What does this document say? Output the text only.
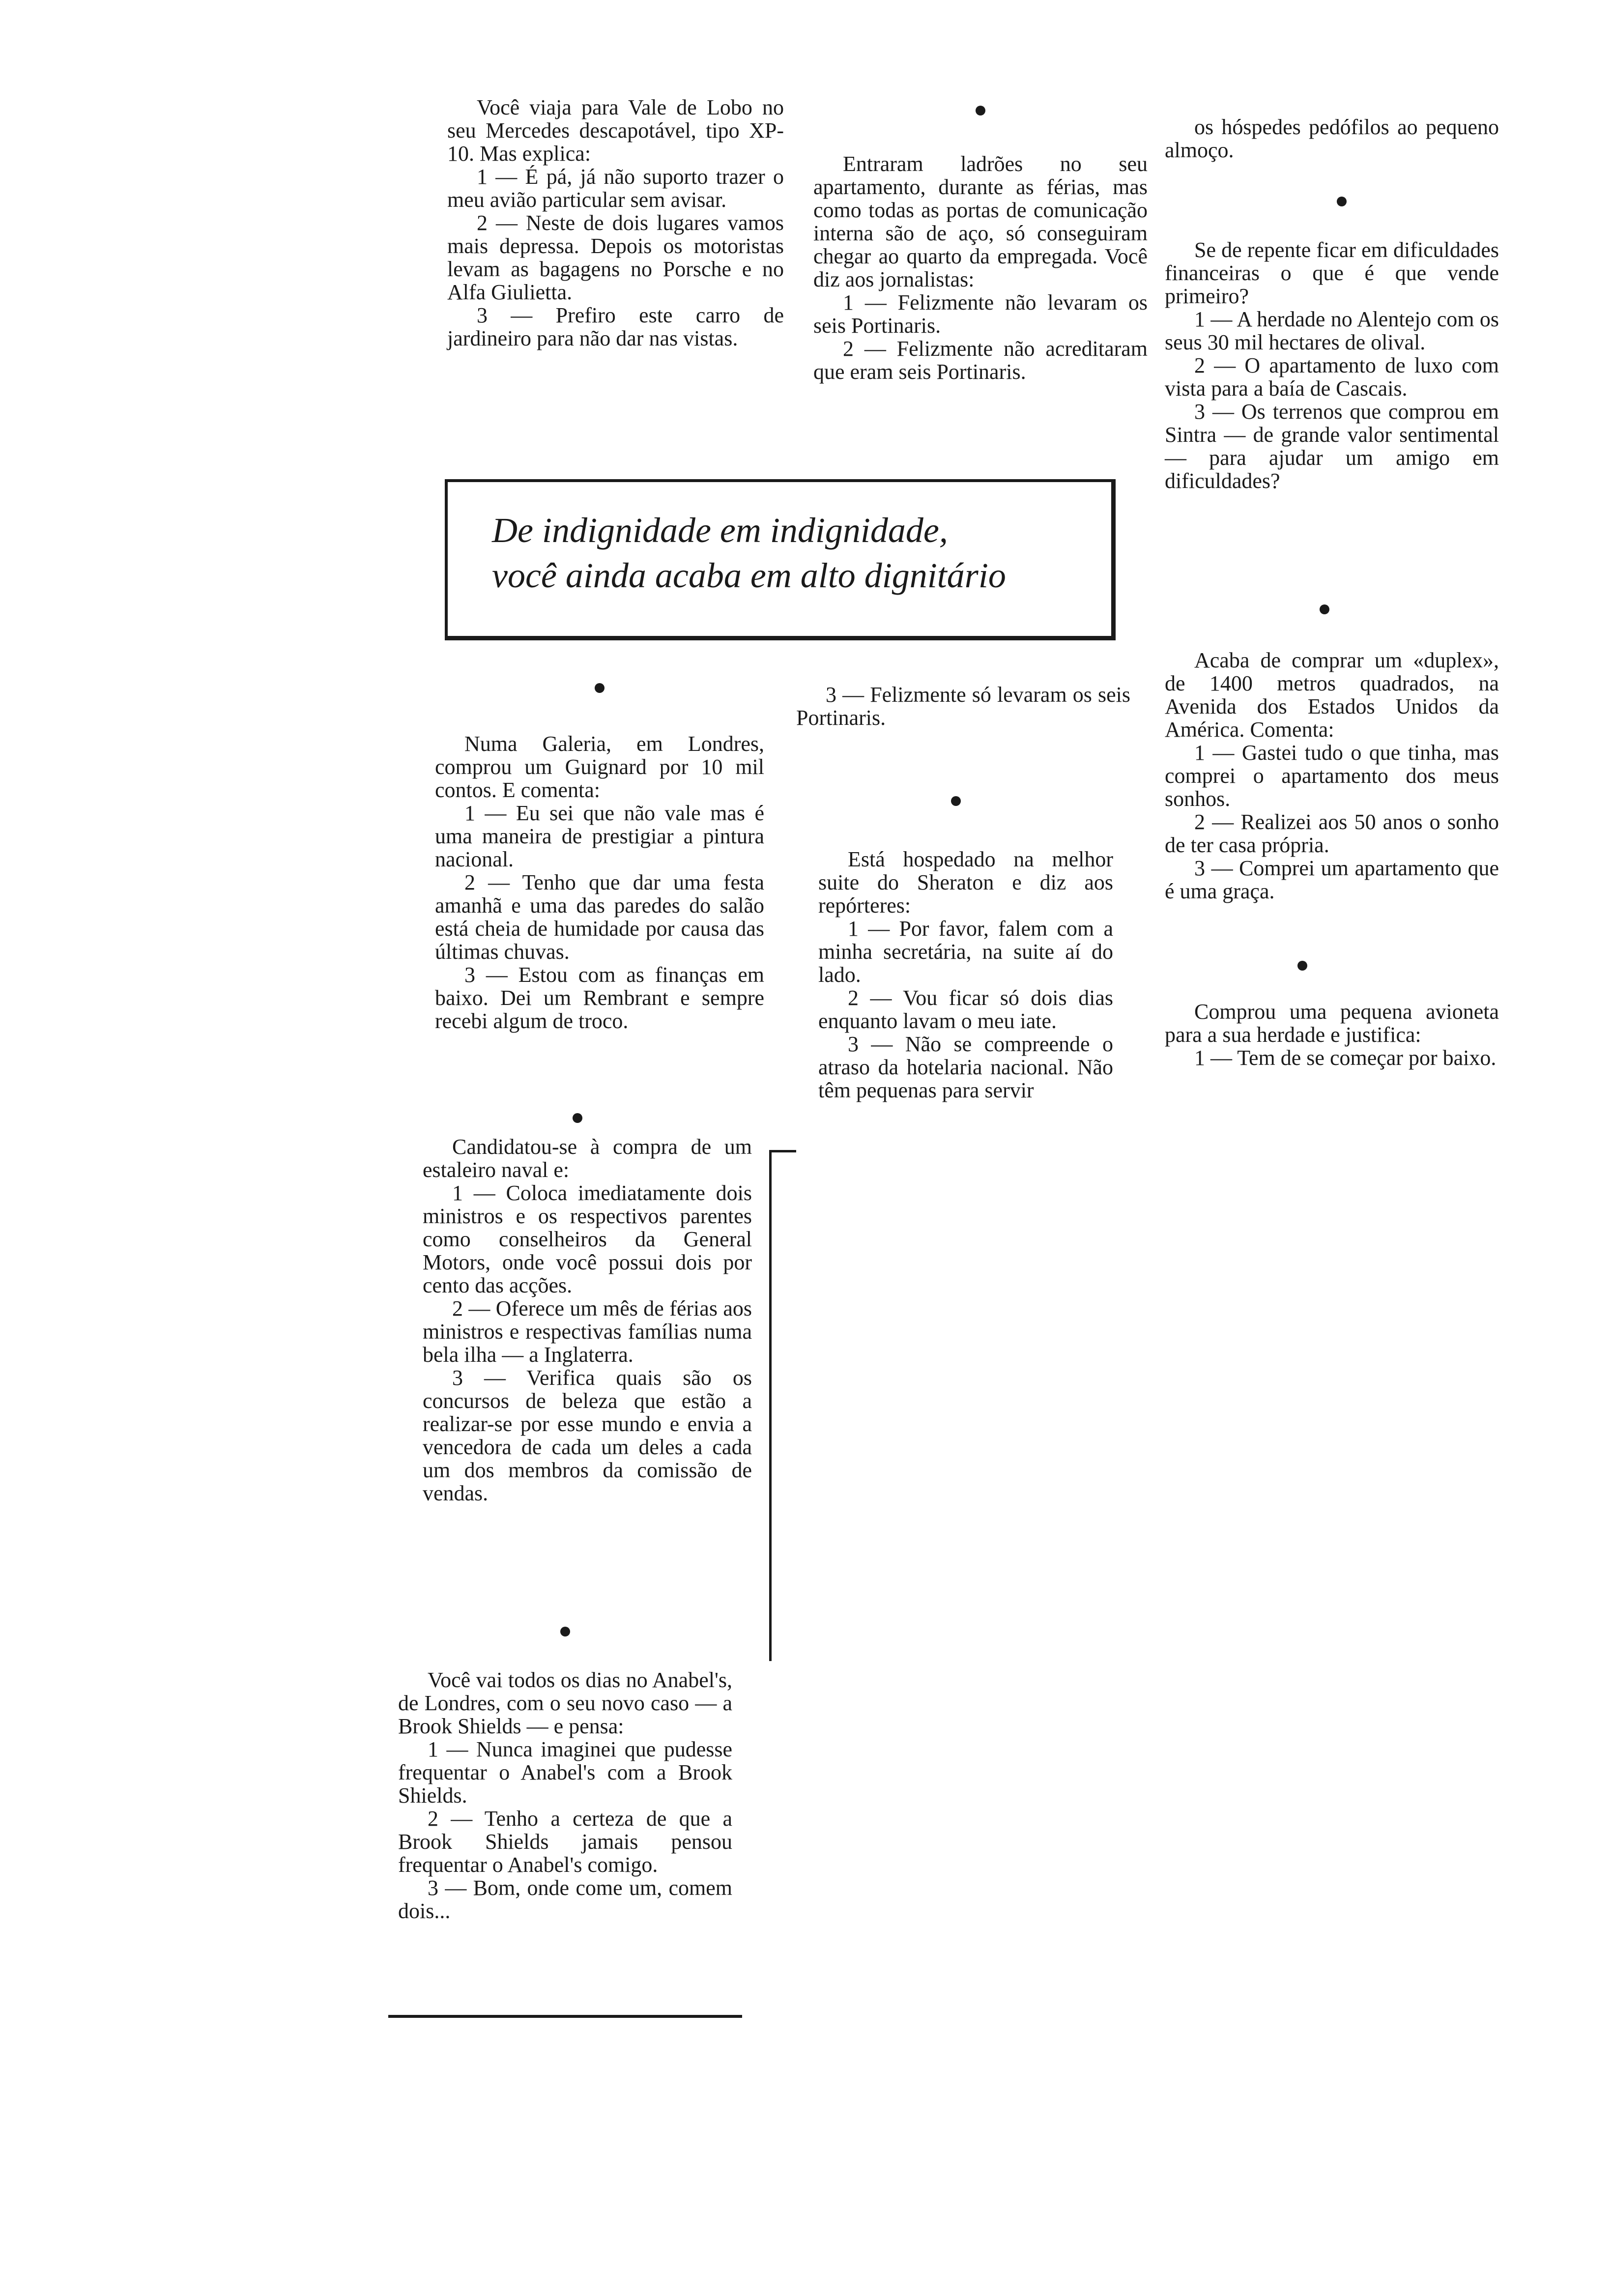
Você viaja para Vale de Lobo no seu Mercedes descapotável, tipo XP-10. Mas explica:

1 — É pá, já não suporto trazer o meu avião particular sem avisar.

2 — Neste de dois lugares vamos mais depressa. Depois os motoristas levam as bagagens no Porsche e no Alfa Giulietta.

3 — Prefiro este carro de jardineiro para não dar nas vistas.

Entraram ladrões no seu apartamento, durante as férias, mas como todas as portas de comunicação interna são de aço, só conseguiram chegar ao quarto da empregada. Você diz aos jornalistas:

1 — Felizmente não levaram os seis Portinaris.

2 — Felizmente não acreditaram que eram seis Portinaris.

os hóspedes pedófilos ao pequeno almoço.

Se de repente ficar em dificuldades financeiras o que é que vende primeiro?

1 — A herdade no Alentejo com os seus 30 mil hectares de olival.

2 — O apartamento de luxo com vista para a baía de Cascais.

3 — Os terrenos que comprou em Sintra — de grande valor sentimental — para ajudar um amigo em dificuldades?

Acaba de comprar um «duplex», de 1400 metros quadrados, na Avenida dos Estados Unidos da América. Comenta:

1 — Gastei tudo o que tinha, mas comprei o apartamento dos meus sonhos.

2 — Realizei aos 50 anos o sonho de ter casa própria.

3 — Comprei um apartamento que é uma graça.

Comprou uma pequena avioneta para a sua herdade e justifica:

1 — Tem de se começar por baixo.

De indignidade em indignidade,
você ainda acaba em alto dignitário

Numa Galeria, em Londres, comprou um Guignard por 10 mil contos. E comenta:

1 — Eu sei que não vale mas é uma maneira de prestigiar a pintura nacional.

2 — Tenho que dar uma festa amanhã e uma das paredes do salão está cheia de humidade por causa das últimas chuvas.

3 — Estou com as finanças em baixo. Dei um Rembrant e sempre recebi algum de troco.

Candidatou-se à compra de um estaleiro naval e:

1 — Coloca imediatamente dois ministros e os respectivos parentes como conselheiros da General Motors, onde você possui dois por cento das acções.

2 — Oferece um mês de férias aos ministros e respectivas famílias numa bela ilha — a Inglaterra.

3 — Verifica quais são os concursos de beleza que estão a realizar-se por esse mundo e envia a vencedora de cada um deles a cada um dos membros da comissão de vendas.

Você vai todos os dias no Anabel's, de Londres, com o seu novo caso — a Brook Shields — e pensa:

1 — Nunca imaginei que pudesse frequentar o Anabel's com a Brook Shields.

2 — Tenho a certeza de que a Brook Shields jamais pensou frequentar o Anabel's comigo.

3 — Bom, onde come um, comem dois...

3 — Felizmente só levaram os seis Portinaris.

Está hospedado na melhor suite do Sheraton e diz aos repórteres:

1 — Por favor, falem com a minha secretária, na suite aí do lado.

2 — Vou ficar só dois dias enquanto lavam o meu iate.

3 — Não se compreende o atraso da hotelaria nacional. Não têm pequenas para servir
